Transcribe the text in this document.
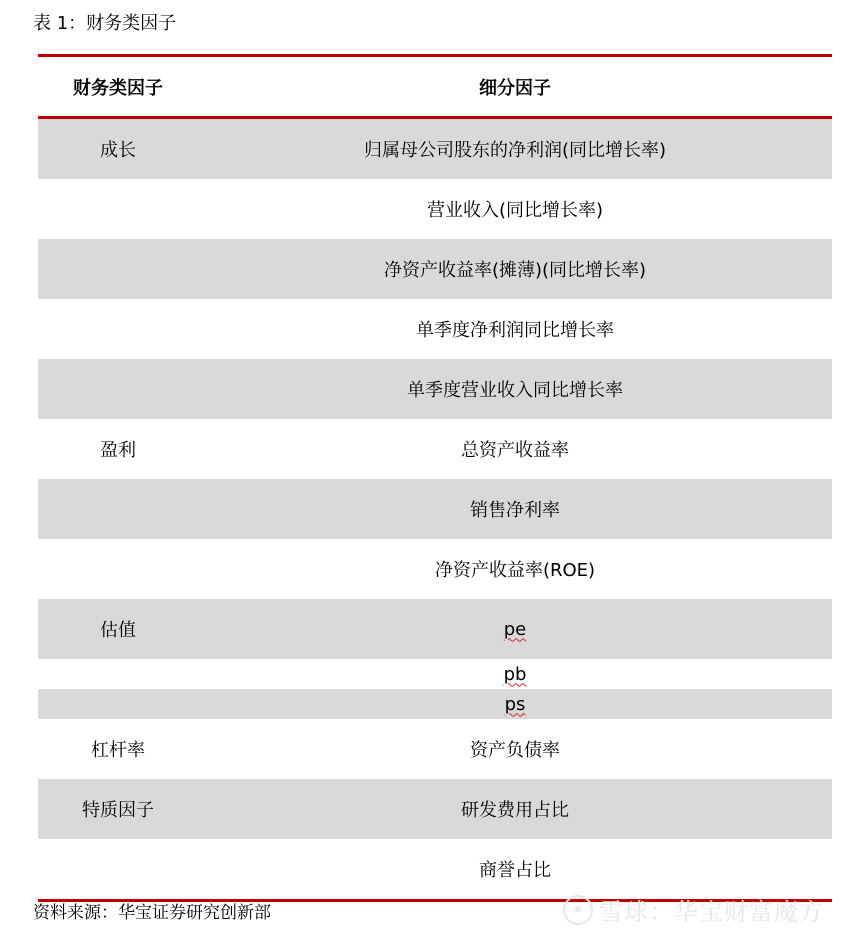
表 1：财务类因子
财务类因子	细分因子
成长	归属母公司股东的净利润(同比增长率)
营业收入(同比增长率)
净资产收益率(摊薄)(同比增长率)
单季度净利润同比增长率
单季度营业收入同比增长率
盈利	总资产收益率
销售净利率
净资产收益率(ROE)
估值	pe
pb
ps
杠杆率	资产负债率
特质因子	研发费用占比
商誉占比
资料来源：华宝证券研究创新部	⚭ 雪球：华宝财富魔方
